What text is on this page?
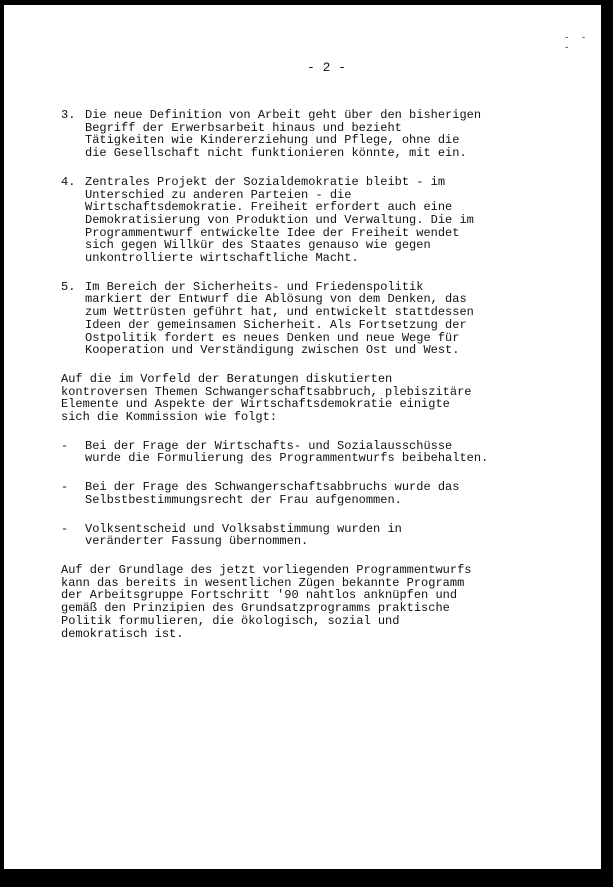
- - -
- 2 -
3. Die neue Definition von Arbeit geht über den bisherigen
Begriff der Erwerbsarbeit hinaus und bezieht
Tätigkeiten wie Kindererziehung und Pflege, ohne die
die Gesellschaft nicht funktionieren könnte, mit ein.
4. Zentrales Projekt der Sozialdemokratie bleibt - im
Unterschied zu anderen Parteien - die
Wirtschaftsdemokratie. Freiheit erfordert auch eine
Demokratisierung von Produktion und Verwaltung. Die im
Programmentwurf entwickelte Idee der Freiheit wendet
sich gegen Willkür des Staates genauso wie gegen
unkontrollierte wirtschaftliche Macht.
5. Im Bereich der Sicherheits- und Friedenspolitik
markiert der Entwurf die Ablösung von dem Denken, das
zum Wettrüsten geführt hat, und entwickelt stattdessen
Ideen der gemeinsamen Sicherheit. Als Fortsetzung der
Ostpolitik fordert es neues Denken und neue Wege für
Kooperation und Verständigung zwischen Ost und West.
Auf die im Vorfeld der Beratungen diskutierten
kontroversen Themen Schwangerschaftsabbruch, plebiszitäre
Elemente und Aspekte der Wirtschaftsdemokratie einigte
sich die Kommission wie folgt:
-	Bei der Frage der Wirtschafts- und Sozialausschüsse
wurde die Formulierung des Programmentwurfs beibehalten.
-	Bei der Frage des Schwangerschaftsabbruchs wurde das
Selbstbestimmungsrecht der Frau aufgenommen.
-	Volksentscheid und Volksabstimmung wurden in
veränderter Fassung übernommen.
Auf der Grundlage des jetzt vorliegenden Programmentwurfs
kann das bereits in wesentlichen Zügen bekannte Programm
der Arbeitsgruppe Fortschritt '90 nahtlos anknüpfen und
gemäß den Prinzipien des Grundsatzprogramms praktische
Politik formulieren, die ökologisch, sozial und
demokratisch ist.
